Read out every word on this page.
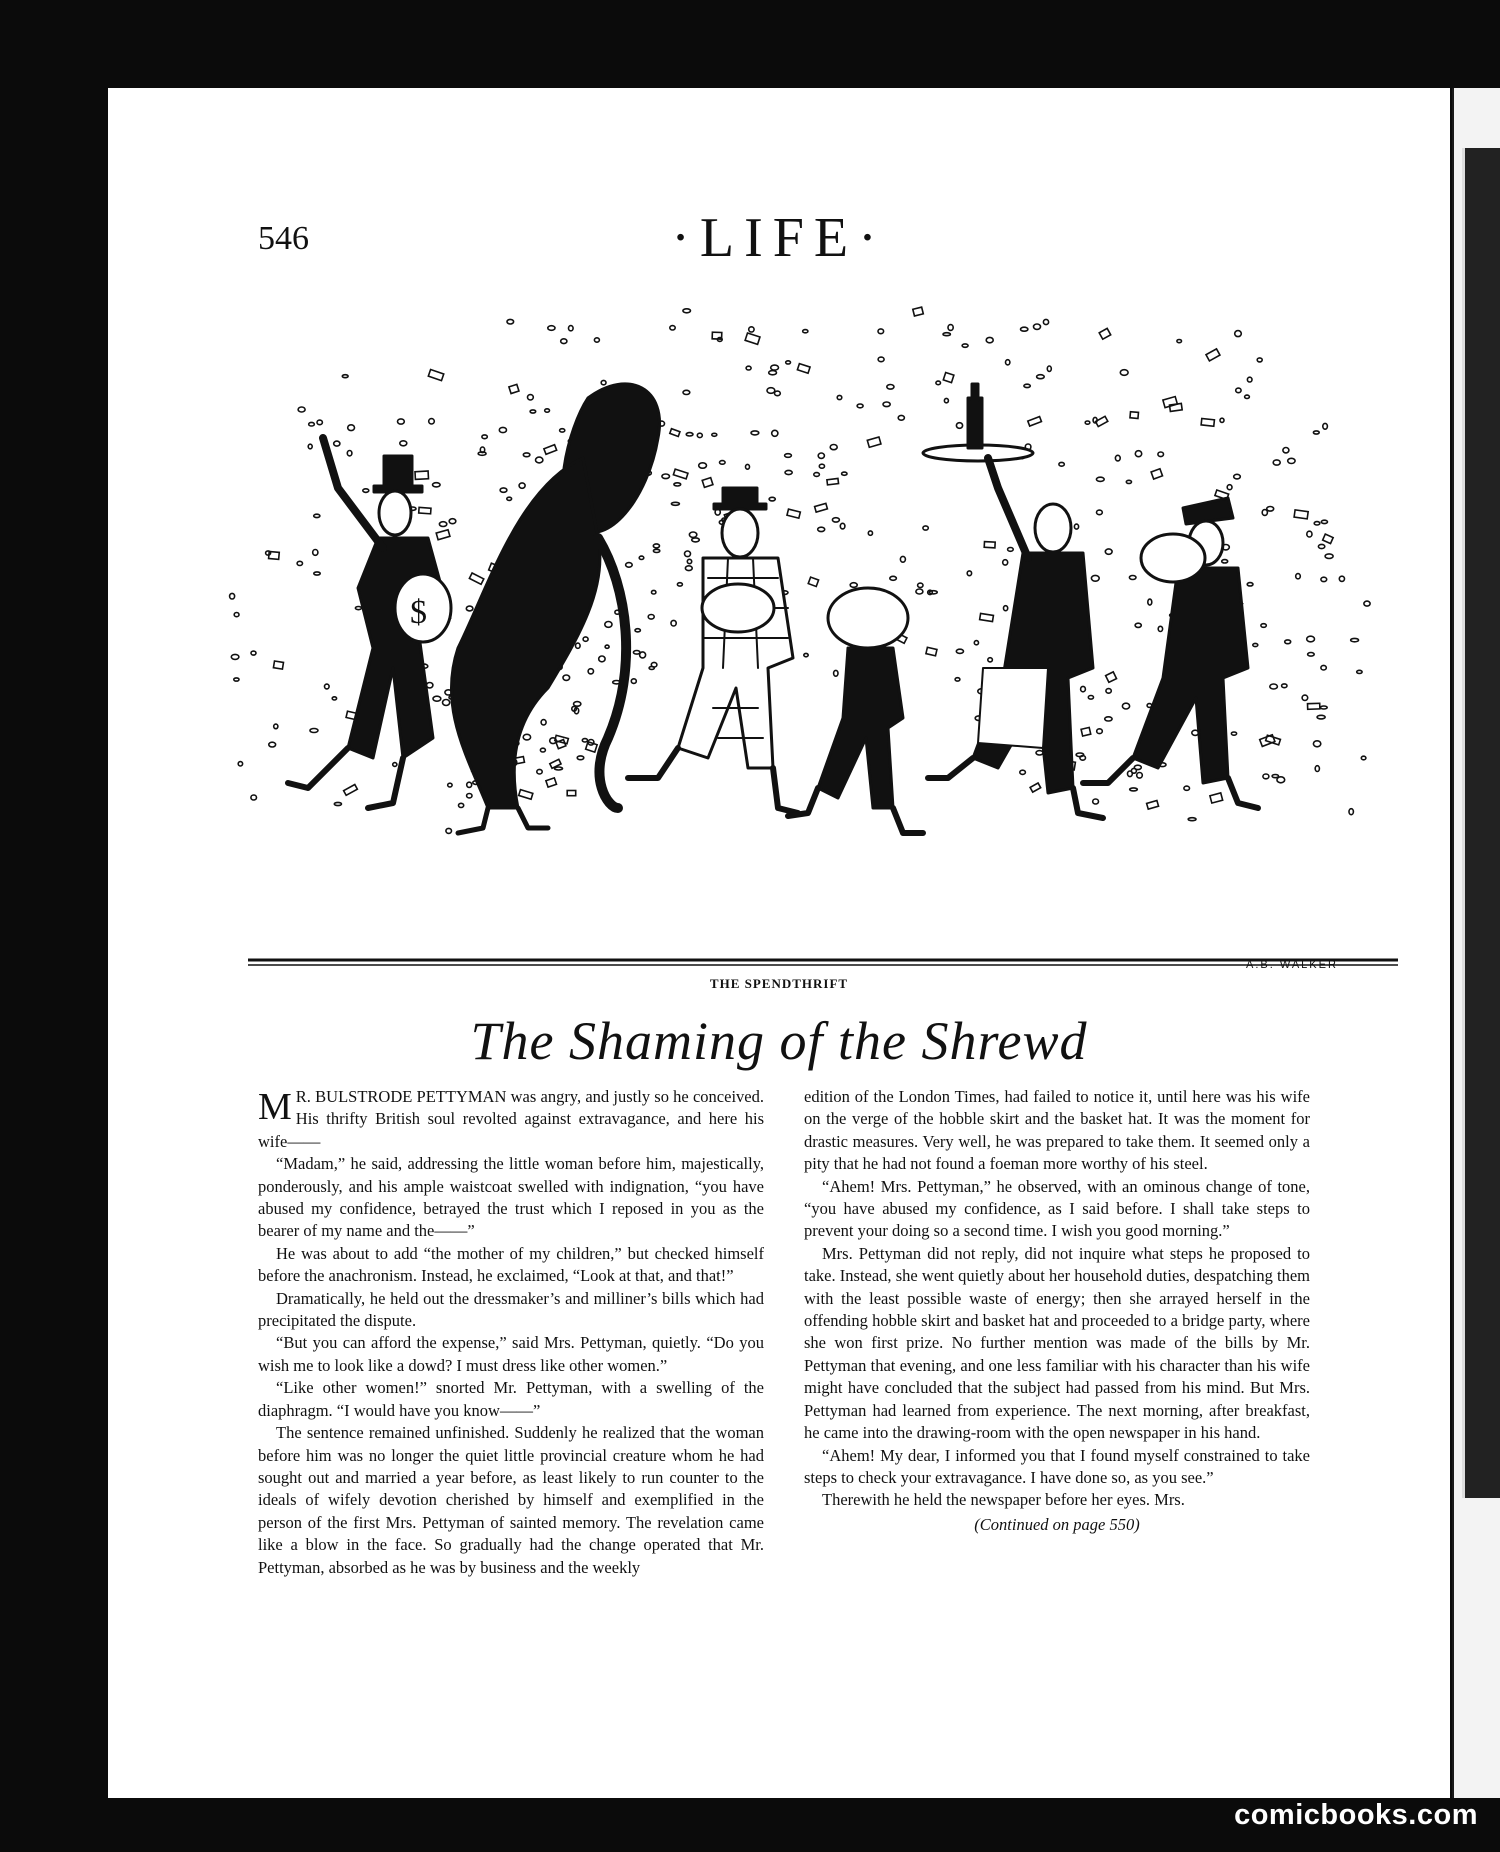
546	·LIFE·
$
A.B. WALKER
THE SPENDTHRIFT
The Shaming of the Shrewd

M R. BULSTRODE PETTYMAN was angry, and justly so he conceived. His thrifty British soul revolted against extravagance, and here his wife——

“Madam,” he said, addressing the little woman before him, majestically, ponderously, and his ample waistcoat swelled with indignation, “you have abused my confidence, betrayed the trust which I reposed in you as the bearer of my name and the——”

He was about to add “the mother of my children,” but checked himself before the anachronism. Instead, he exclaimed, “Look at that, and that!”

Dramatically, he held out the dressmaker’s and milliner’s bills which had precipitated the dispute.

“But you can afford the expense,” said Mrs. Pettyman, quietly. “Do you wish me to look like a dowd? I must dress like other women.”

“Like other women!” snorted Mr. Pettyman, with a swelling of the diaphragm. “I would have you know——”

The sentence remained unfinished. Suddenly he realized that the woman before him was no longer the quiet little provincial creature whom he had sought out and married a year before, as least likely to run counter to the ideals of wifely devotion cherished by himself and exemplified in the person of the first Mrs. Pettyman of sainted memory. The revelation came like a blow in the face. So gradually had the change operated that Mr. Pettyman, absorbed as he was by business and the weekly

edition of the London Times, had failed to notice it, until here was his wife on the verge of the hobble skirt and the basket hat. It was the moment for drastic measures. Very well, he was prepared to take them. It seemed only a pity that he had not found a foeman more worthy of his steel.

“Ahem! Mrs. Pettyman,” he observed, with an ominous change of tone, “you have abused my confidence, as I said before. I shall take steps to prevent your doing so a second time. I wish you good morning.”

Mrs. Pettyman did not reply, did not inquire what steps he proposed to take. Instead, she went quietly about her household duties, despatching them with the least possible waste of energy; then she arrayed herself in the offending hobble skirt and basket hat and proceeded to a bridge party, where she won first prize. No further mention was made of the bills by Mr. Pettyman that evening, and one less familiar with his character than his wife might have concluded that the subject had passed from his mind. But Mrs. Pettyman had learned from experience. The next morning, after breakfast, he came into the drawing-room with the open newspaper in his hand.

“Ahem! My dear, I informed you that I found myself constrained to take steps to check your extravagance. I have done so, as you see.”

Therewith he held the newspaper before her eyes. Mrs.

(Continued on page 550)
comicbooks.com
